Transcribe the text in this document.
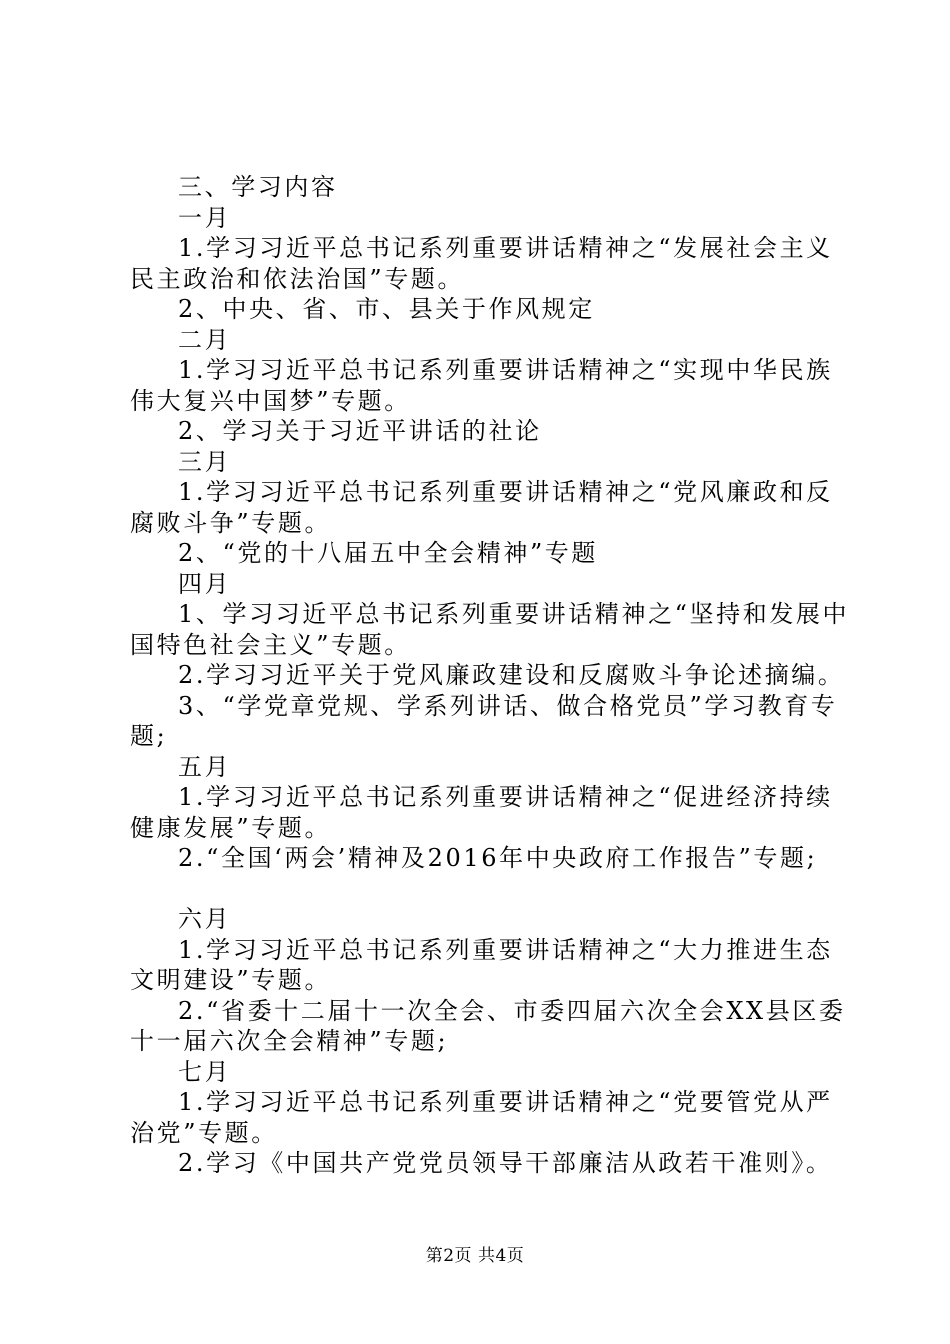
三、学习内容
一月
1.学习习近平总书记系列重要讲话精神之“发展社会主义
民主政治和依法治国”专题。
2、中央、省、市、县关于作风规定
二月
1.学习习近平总书记系列重要讲话精神之“实现中华民族
伟大复兴中国梦”专题。
2、学习关于习近平讲话的社论
三月
1.学习习近平总书记系列重要讲话精神之“党风廉政和反
腐败斗争”专题。
2、“党的十八届五中全会精神”专题
四月
1、学习习近平总书记系列重要讲话精神之“坚持和发展中
国特色社会主义”专题。
2.学习习近平关于党风廉政建设和反腐败斗争论述摘编。
3、“学党章党规、学系列讲话、做合格党员”学习教育专
题;
五月
1.学习习近平总书记系列重要讲话精神之“促进经济持续
健康发展”专题。
2.“全国‘两会’精神及2016年中央政府工作报告”专题;
六月
1.学习习近平总书记系列重要讲话精神之“大力推进生态
文明建设”专题。
2.“省委十二届十一次全会、市委四届六次全会XX县区委
十一届六次全会精神”专题;
七月
1.学习习近平总书记系列重要讲话精神之“党要管党从严
治党”专题。
2.学习《中国共产党党员领导干部廉洁从政若干准则》。
第2页 共4页
